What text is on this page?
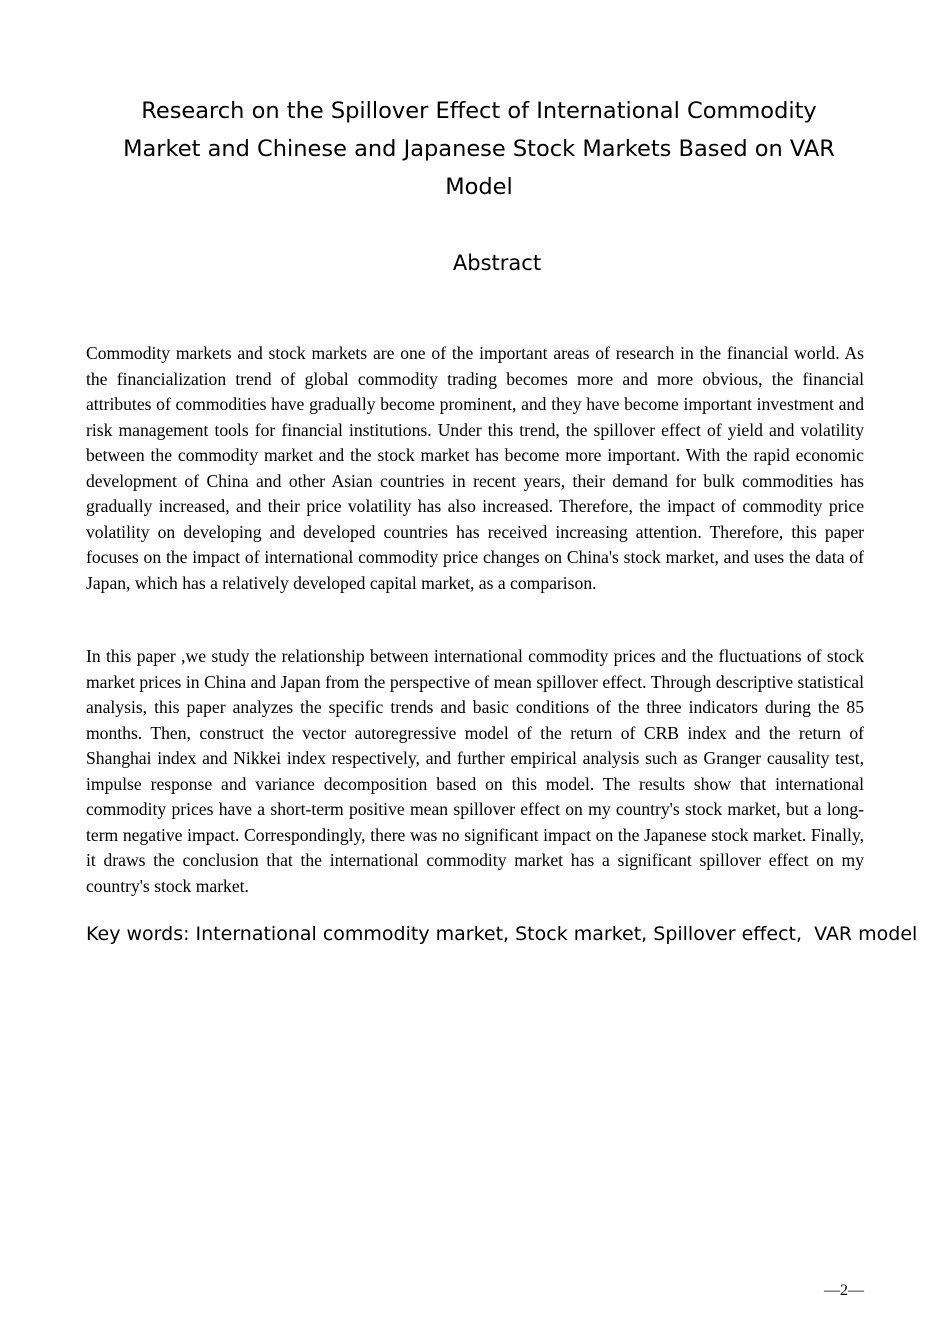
Research on the Spillover Effect of International Commodity Market and Chinese and Japanese Stock Markets Based on VAR Model
Abstract

Commodity markets and stock markets are one of the important areas of research in the financial world. As the financialization trend of global commodity trading becomes more and more obvious, the financial attributes of commodities have gradually become prominent, and they have become important investment and risk management tools for financial institutions. Under this trend, the spillover effect of yield and volatility between the commodity market and the stock market has become more important. With the rapid economic development of China and other Asian countries in recent years, their demand for bulk commodities has gradually increased, and their price volatility has also increased. Therefore, the impact of commodity price volatility on developing and developed countries has received increasing attention. Therefore, this paper focuses on the impact of international commodity price changes on China's stock market, and uses the data of Japan, which has a relatively developed capital market, as a comparison.

In this paper ,we study the relationship between international commodity prices and the fluctuations of stock market prices in China and Japan from the perspective of mean spillover effect. Through descriptive statistical analysis, this paper analyzes the specific trends and basic conditions of the three indicators during the 85 months. Then, construct the vector autoregressive model of the return of CRB index and the return of Shanghai index and Nikkei index respectively, and further empirical analysis such as Granger causality test, impulse response and variance decomposition based on this model. The results show that international commodity prices have a short-term positive mean spillover effect on my country's stock market, but a long-term negative impact. Correspondingly, there was no significant impact on the Japanese stock market. Finally, it draws the conclusion that the international commodity market has a significant spillover effect on my country's stock market.

Key words: International commodity market, Stock market, Spillover effect,  VAR model

—2—
